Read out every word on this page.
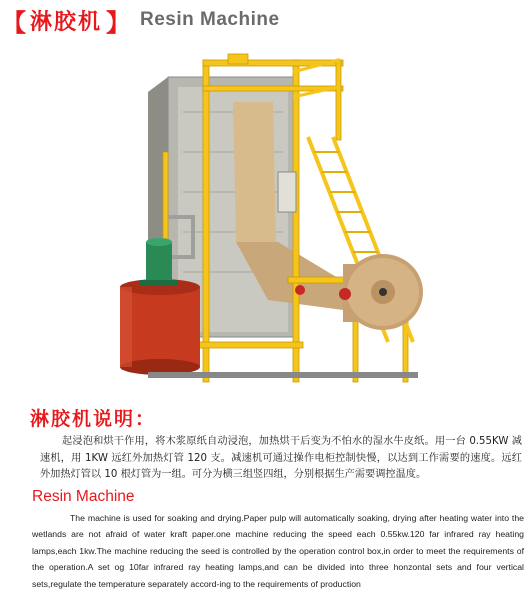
【 淋胶机 】 Resin Machine
淋胶机说明：
起浸泡和烘干作用，将木浆原纸自动浸泡，加热烘干后变为不怕水的湿水牛皮纸。用一台 0.55KW 减速机，用 1KW 远红外加热灯管 120 支。减速机可通过操作电柜控制快慢，以达到工作需要的速度。远红外加热灯管以 10 根灯管为一组。可分为横三组竖四组，分别根据生产需要调控温度。
Resin Machine
The machine is used for soaking and drying.Paper pulp will automatically soaking, drying after heating water into the wetlands are not afraid of water kraft paper.one machine reducing the speed each 0.55kw.120 far infrared ray heating lamps,each 1kw.The machine reducing the seed is controlled by the operation control box,in order to meet the requirements of the operation.A set og 10far infrared ray heating lamps,and can be divided into three honzontal sets and four vertical sets,regulate the temperature separately accord-ing to the requirements of production
